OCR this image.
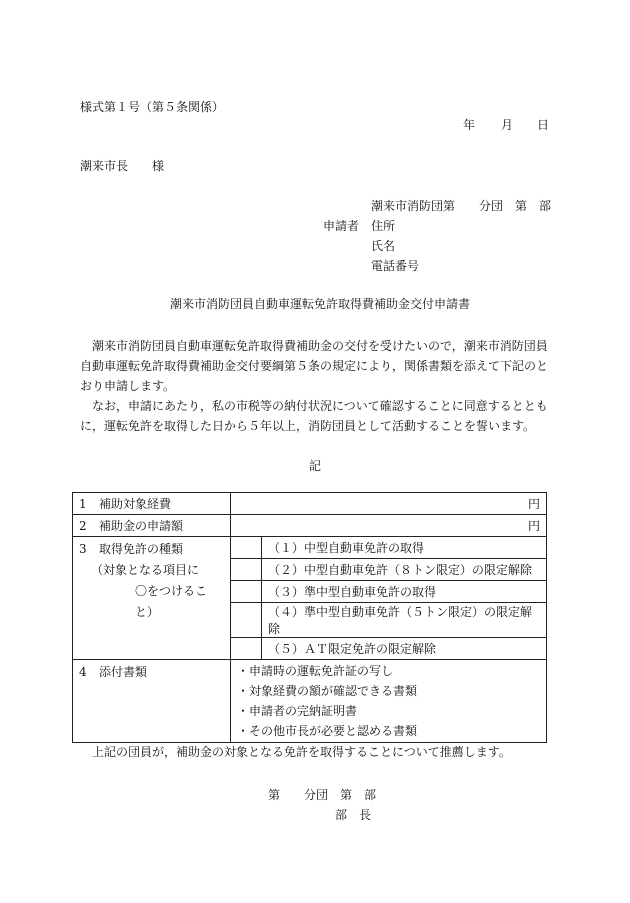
様式第１号（第５条関係）
年 月 日
潮来市長　　様
潮来市消防団第　　分団　第　部
申請者 住所
氏名
電話番号
潮来市消防団員自動車運転免許取得費補助金交付申請書
潮来市消防団員自動車運転免許取得費補助金の交付を受けたいので，潮来市消防団員自動車運転免許取得費補助金交付要綱第５条の規定により，関係書類を添えて下記のとおり申請します。
なお，申請にあたり，私の市税等の納付状況について確認することに同意するとともに，運転免許を取得した日から５年以上，消防団員として活動することを誓います。
記
1 補助対象経費	円	
2 補助金の申請額	円	

3 取得免許の種類
（対象となる項目に
〇をつけること）		（１）中型自動車免許の取得
		（２）中型自動車免許（８トン限定）の限定解除
		（３）準中型自動車免許の取得
		（４）準中型自動車免許（５トン限定）の限定解除
		（５）ＡＴ限定免許の限定解除
4 添付書類	・申請時の運転免許証の写し
・対象経費の額が確認できる書類
・申請者の完納証明書
・その他市長が必要と認める書類	
上記の団員が，補助金の対象となる免許を取得することについて推薦します。
第　　分団　第　部
部　長
